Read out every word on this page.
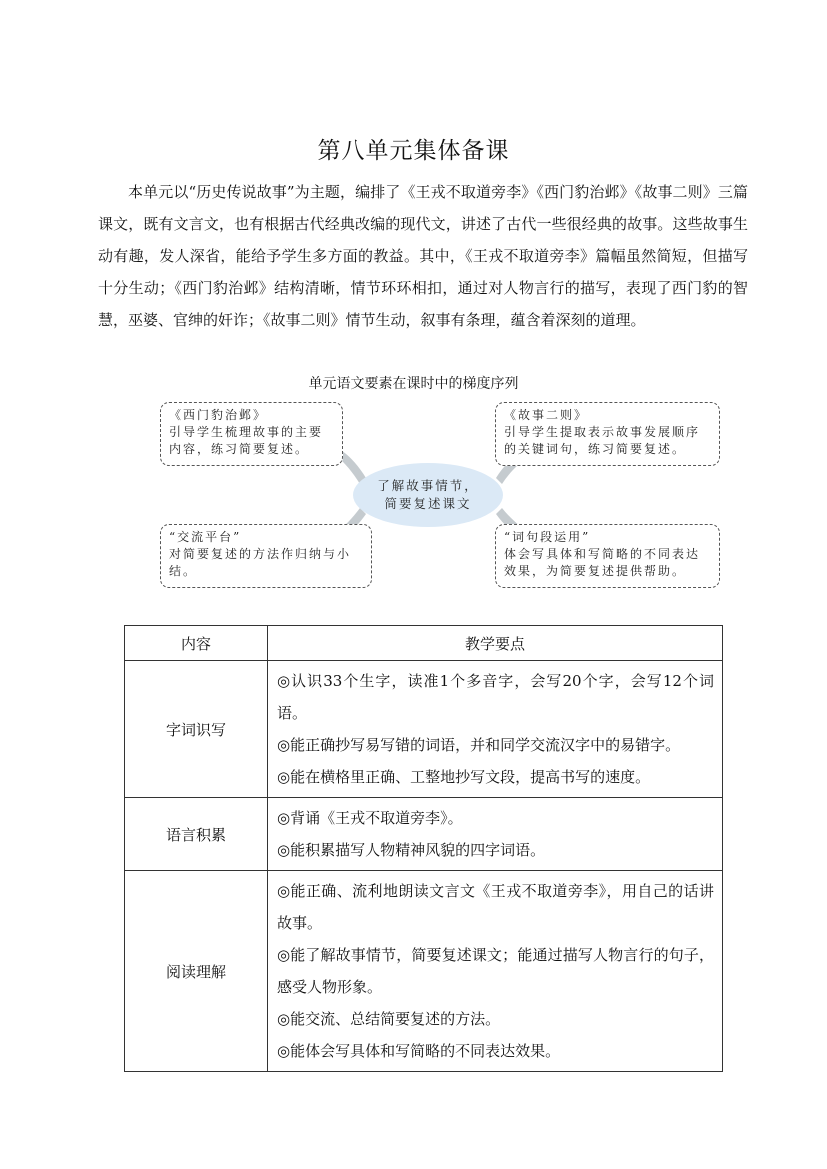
第八单元集体备课

本单元以“历史传说故事”为主题，编排了《王戎不取道旁李》《西门豹治邺》《故事二则》三篇课文，既有文言文，也有根据古代经典改编的现代文，讲述了古代一些很经典的故事。这些故事生动有趣，发人深省，能给予学生多方面的教益。其中，《王戎不取道旁李》篇幅虽然简短，但描写十分生动；《西门豹治邺》结构清晰，情节环环相扣，通过对人物言行的描写，表现了西门豹的智慧，巫婆、官绅的奸诈；《故事二则》情节生动，叙事有条理，蕴含着深刻的道理。

单元语文要素在课时中的梯度序列
了解故事情节，
简要复述课文
《西门豹治邺》
引导学生梳理故事的主要内容，练习简要复述。
《故事二则》
引导学生提取表示故事发展顺序的关键词句，练习简要复述。
“交流平台”
对简要复述的方法作归纳与小结。
“词句段运用”
体会写具体和写简略的不同表达效果，为简要复述提供帮助。
内容	教学要点
字词识写	◎认识33个生字，读准1个多音字，会写20个字，会写12个词语。
◎能正确抄写易写错的词语，并和同学交流汉字中的易错字。
◎能在横格里正确、工整地抄写文段，提高书写的速度。

语言积累	◎背诵《王戎不取道旁李》。
◎能积累描写人物精神风貌的四字词语。

阅读理解	◎能正确、流利地朗读文言文《王戎不取道旁李》，用自己的话讲故事。
◎能了解故事情节，简要复述课文；能通过描写人物言行的句子，感受人物形象。
◎能交流、总结简要复述的方法。
◎能体会写具体和写简略的不同表达效果。
